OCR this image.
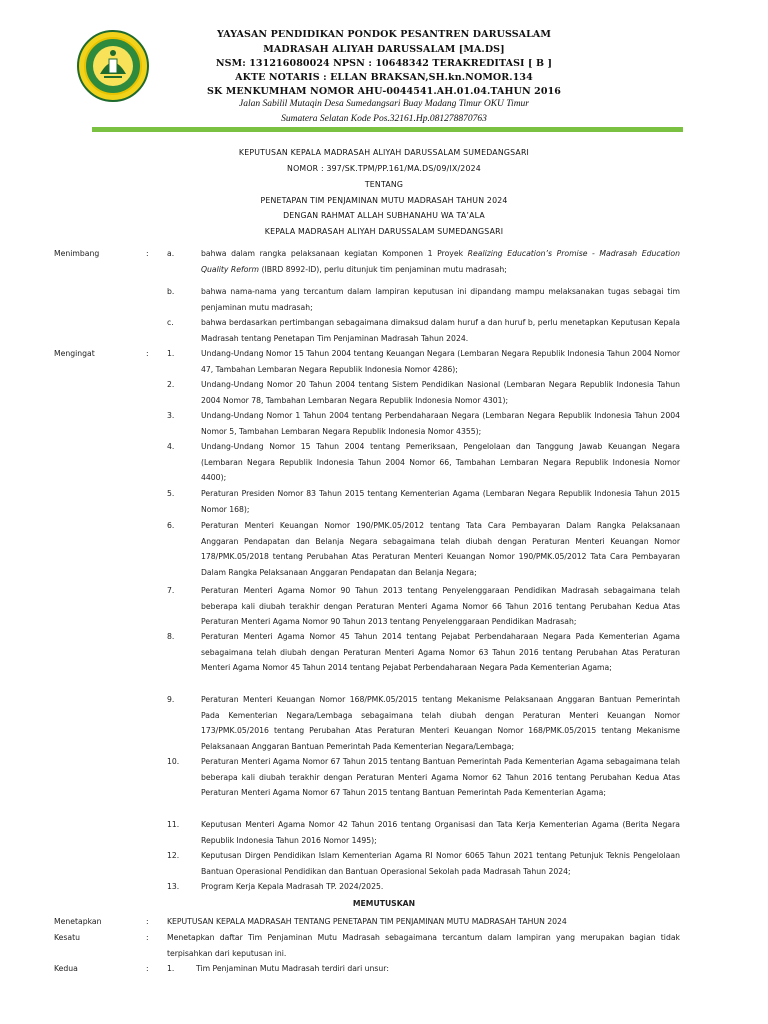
YAYASAN PENDIDIKAN PONDOK PESANTREN DARUSSALAM
MADRASAH ALIYAH DARUSSALAM [MA.DS]
NSM: 131216080024 NPSN : 10648342 TERAKREDITASI [ B ]
AKTE NOTARIS : ELLAN BRAKSAN,SH.kn.NOMOR.134
SK MENKUMHAM NOMOR AHU-0044541.AH.01.04.TAHUN 2016
Jalan Sabilil Mutaqin Desa Sumedangsari Buay Madang Timur OKU Timur
Sumatera Selatan Kode Pos.32161.Hp.081278870763
KEPUTUSAN KEPALA MADRASAH ALIYAH DARUSSALAM SUMEDANGSARI
NOMOR : 397/SK.TPM/PP.161/MA.DS/09/IX/2024
TENTANG
PENETAPAN TIM PENJAMINAN MUTU MADRASAH TAHUN 2024
DENGAN RAHMAT ALLAH SUBHANAHU WA TA’ALA
KEPALA MADRASAH ALIYAH DARUSSALAM SUMEDANGSARI
Menimbang	: a.	bahwa dalam rangka pelaksanaan kegiatan Komponen 1 Proyek Realizing Education’s Promise - Madrasah Education Quality Reform (IBRD 8992-ID), perlu ditunjuk tim penjaminan mutu madrasah;
b.	bahwa nama-nama yang tercantum dalam lampiran keputusan ini dipandang mampu melaksanakan tugas sebagai tim penjaminan mutu madrasah;
c.	bahwa berdasarkan pertimbangan sebagaimana dimaksud dalam huruf a dan huruf b, perlu menetapkan Keputusan Kepala Madrasah tentang Penetapan Tim Penjaminan Madrasah Tahun 2024.
Mengingat	: 1.	Undang-Undang Nomor 15 Tahun 2004 tentang Keuangan Negara (Lembaran Negara Republik Indonesia Tahun 2004 Nomor 47, Tambahan Lembaran Negara Republik Indonesia Nomor 4286);
2.	Undang-Undang Nomor 20 Tahun 2004 tentang Sistem Pendidikan Nasional (Lembaran Negara Republik Indonesia Tahun 2004 Nomor 78, Tambahan Lembaran Negara Republik Indonesia Nomor 4301);
3.	Undang-Undang Nomor 1 Tahun 2004 tentang Perbendaharaan Negara (Lembaran Negara Republik Indonesia Tahun 2004 Nomor 5, Tambahan Lembaran Negara Republik Indonesia Nomor 4355);
4.	Undang-Undang Nomor 15 Tahun 2004 tentang Pemeriksaan, Pengelolaan dan Tanggung Jawab Keuangan Negara (Lembaran Negara Republik Indonesia Tahun 2004 Nomor 66, Tambahan Lembaran Negara Republik Indonesia Nomor 4400);
5.	Peraturan Presiden Nomor 83 Tahun 2015 tentang Kementerian Agama (Lembaran Negara Republik Indonesia Tahun 2015 Nomor 168);
6.	Peraturan Menteri Keuangan Nomor 190/PMK.05/2012 tentang Tata Cara Pembayaran Dalam Rangka Pelaksanaan Anggaran Pendapatan dan Belanja Negara sebagaimana telah diubah dengan Peraturan Menteri Keuangan Nomor 178/PMK.05/2018 tentang Perubahan Atas Peraturan Menteri Keuangan Nomor 190/PMK.05/2012 Tata Cara Pembayaran Dalam Rangka Pelaksanaan Anggaran Pendapatan dan Belanja Negara;
7.	Peraturan Menteri Agama Nomor 90 Tahun 2013 tentang Penyelenggaraan Pendidikan Madrasah sebagaimana telah beberapa kali diubah terakhir dengan Peraturan Menteri Agama Nomor 66 Tahun 2016 tentang Perubahan Kedua Atas Peraturan Menteri Agama Nomor 90 Tahun 2013 tentang Penyelenggaraan Pendidikan Madrasah;
8.	Peraturan Menteri Agama Nomor 45 Tahun 2014 tentang Pejabat Perbendaharaan Negara Pada Kementerian Agama sebagaimana telah diubah dengan Peraturan Menteri Agama Nomor 63 Tahun 2016 tentang Perubahan Atas Peraturan Menteri Agama Nomor 45 Tahun 2014 tentang Pejabat Perbendaharaan Negara Pada Kementerian Agama;
9.	Peraturan Menteri Keuangan Nomor 168/PMK.05/2015 tentang Mekanisme Pelaksanaan Anggaran Bantuan Pemerintah Pada Kementerian Negara/Lembaga sebagaimana telah diubah dengan Peraturan Menteri Keuangan Nomor 173/PMK.05/2016 tentang Perubahan Atas Peraturan Menteri Keuangan Nomor 168/PMK.05/2015 tentang Mekanisme Pelaksanaan Anggaran Bantuan Pemerintah Pada Kementerian Negara/Lembaga;
10.	Peraturan Menteri Agama Nomor 67 Tahun 2015 tentang Bantuan Pemerintah Pada Kementerian Agama sebagaimana telah beberapa kali diubah terakhir dengan Peraturan Menteri Agama Nomor 62 Tahun 2016 tentang Perubahan Kedua Atas Peraturan Menteri Agama Nomor 67 Tahun 2015 tentang Bantuan Pemerintah Pada Kementerian Agama;
11.	Keputusan Menteri Agama Nomor 42 Tahun 2016 tentang Organisasi dan Tata Kerja Kementerian Agama (Berita Negara Republik Indonesia Tahun 2016 Nomor 1495);
12.	Keputusan Dirgen Pendidikan Islam Kementerian Agama RI Nomor 6065 Tahun 2021 tentang Petunjuk Teknis Pengelolaan Bantuan Operasional Pendidikan dan Bantuan Operasional Sekolah pada Madrasah Tahun 2024;
13.	Program Kerja Kepala Madrasah TP. 2024/2025.
MEMUTUSKAN
Menetapkan	: KEPUTUSAN KEPALA MADRASAH TENTANG PENETAPAN TIM PENJAMINAN MUTU MADRASAH TAHUN 2024
Kesatu	: Menetapkan daftar Tim Penjaminan Mutu Madrasah sebagaimana tercantum dalam lampiran yang merupakan bagian tidak terpisahkan dari keputusan ini.
Kedua	: 1.	Tim Penjaminan Mutu Madrasah terdiri dari unsur:
